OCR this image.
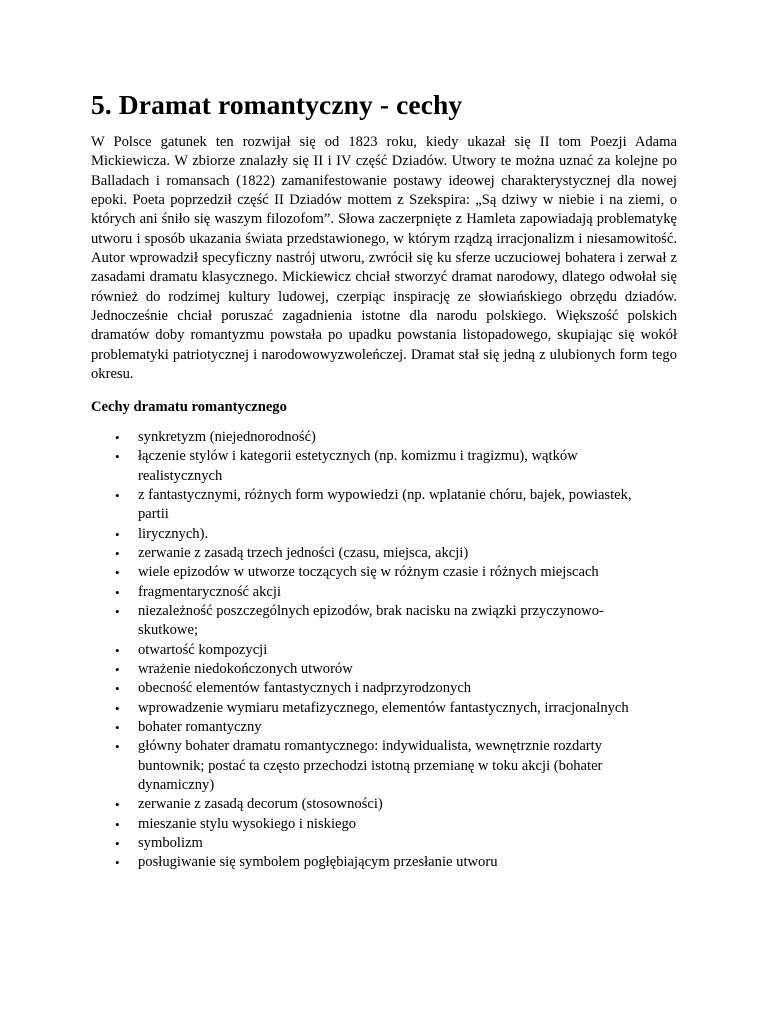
5. Dramat romantyczny - cechy

W Polsce gatunek ten rozwijał się od 1823 roku, kiedy ukazał się II tom Poezji Adama Mickiewicza. W zbiorze znalazły się II i IV część Dziadów. Utwory te można uznać za kolejne po Balladach i romansach (1822) zamanifestowanie postawy ideowej charakterystycznej dla nowej epoki. Poeta poprzedził część II Dziadów mottem z Szekspira: „Są dziwy w niebie i na ziemi, o których ani śniło się waszym filozofom”. Słowa zaczerpnięte z Hamleta zapowiadają problematykę utworu i sposób ukazania świata przedstawionego, w którym rządzą irracjonalizm i niesamowitość. Autor wprowadził specyficzny nastrój utworu, zwrócił się ku sferze uczuciowej bohatera i zerwał z zasadami dramatu klasycznego. Mickiewicz chciał stworzyć dramat narodowy, dlatego odwołał się również do rodzimej kultury ludowej, czerpiąc inspirację ze słowiańskiego obrzędu dziadów. Jednocześnie chciał poruszać zagadnienia istotne dla narodu polskiego. Większość polskich dramatów doby romantyzmu powstała po upadku powstania listopadowego, skupiając się wokół problematyki patriotycznej i narodowowyzwoleńczej. Dramat stał się jedną z ulubionych form tego okresu.

Cechy dramatu romantycznego

• synkretyzm (niejednorodność)
• łączenie stylów i kategorii estetycznych (np. komizmu i tragizmu), wątków realistycznych
• z fantastycznymi, różnych form wypowiedzi (np. wplatanie chóru, bajek, powiastek, partii
• lirycznych).
• zerwanie z zasadą trzech jedności (czasu, miejsca, akcji)
• wiele epizodów w utworze toczących się w różnym czasie i różnych miejscach
• fragmentaryczność akcji
• niezależność poszczególnych epizodów, brak nacisku na związki przyczynowo-skutkowe;
• otwartość kompozycji
• wrażenie niedokończonych utworów
• obecność elementów fantastycznych i nadprzyrodzonych
• wprowadzenie wymiaru metafizycznego, elementów fantastycznych, irracjonalnych
• bohater romantyczny
• główny bohater dramatu romantycznego: indywidualista, wewnętrznie rozdarty buntownik; postać ta często przechodzi istotną przemianę w toku akcji (bohater dynamiczny)
• zerwanie z zasadą decorum (stosowności)
• mieszanie stylu wysokiego i niskiego
• symbolizm
• posługiwanie się symbolem pogłębiającym przesłanie utworu
